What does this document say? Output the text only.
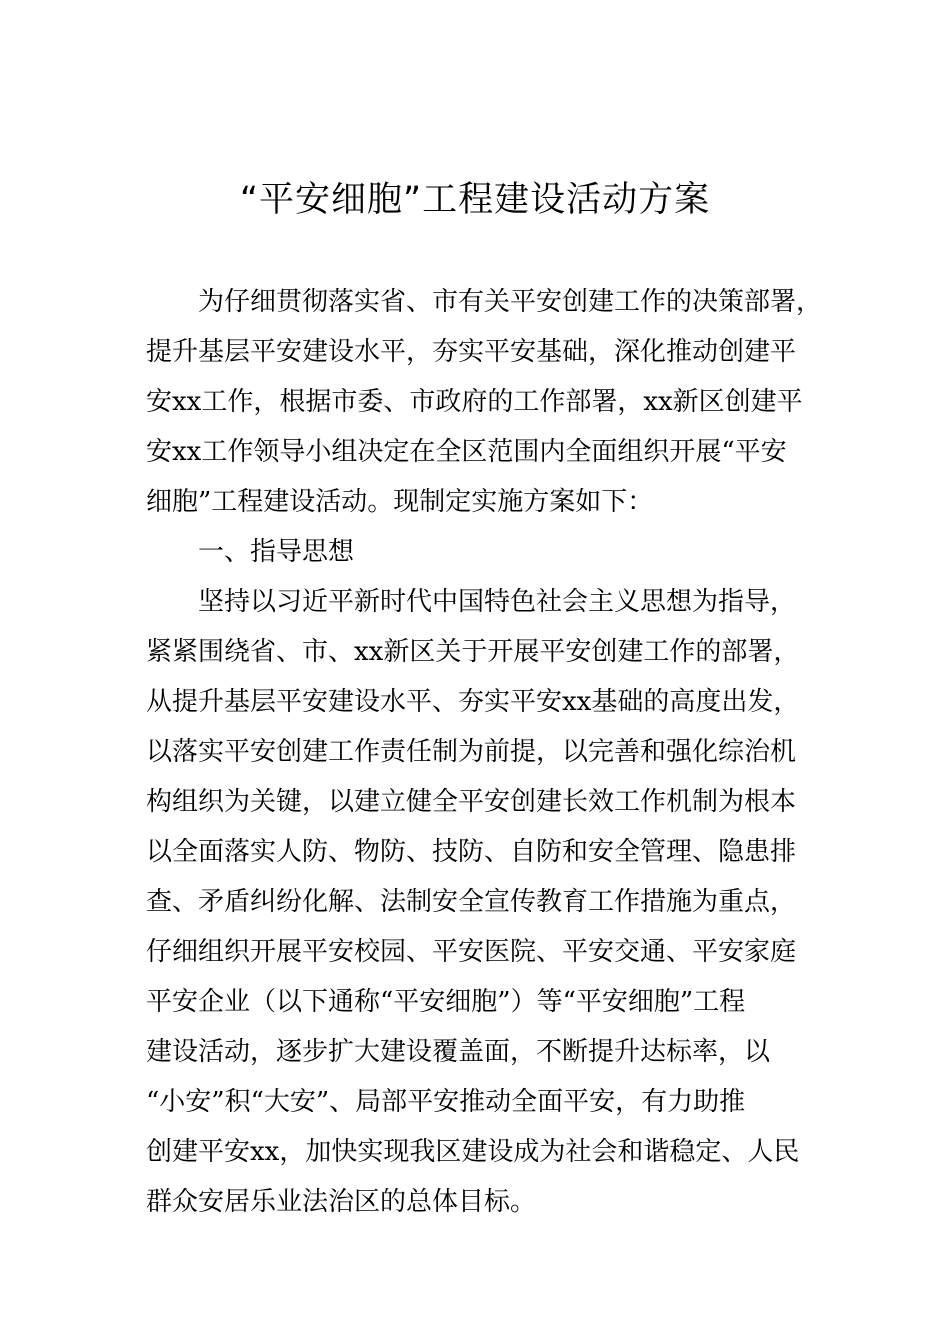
“平安细胞”工程建设活动方案
为仔细贯彻落实省、市有关平安创建工作的决策部署，
提升基层平安建设水平，夯实平安基础，深化推动创建平
安xx工作，根据市委、市政府的工作部署，xx新区创建平
安xx工作领导小组决定在全区范围内全面组织开展“平安
细胞”工程建设活动。现制定实施方案如下：
一、指导思想
坚持以习近平新时代中国特色社会主义思想为指导，
紧紧围绕省、市、xx新区关于开展平安创建工作的部署，
从提升基层平安建设水平、夯实平安xx基础的高度出发，
以落实平安创建工作责任制为前提，以完善和强化综治机
构组织为关键，以建立健全平安创建长效工作机制为根本
以全面落实人防、物防、技防、自防和安全管理、隐患排
查、矛盾纠纷化解、法制安全宣传教育工作措施为重点，
仔细组织开展平安校园、平安医院、平安交通、平安家庭
平安企业（以下通称“平安细胞”）等“平安细胞”工程
建设活动，逐步扩大建设覆盖面，不断提升达标率，以
“小安”积“大安”、局部平安推动全面平安，有力助推
创建平安xx，加快实现我区建设成为社会和谐稳定、人民
群众安居乐业法治区的总体目标。
